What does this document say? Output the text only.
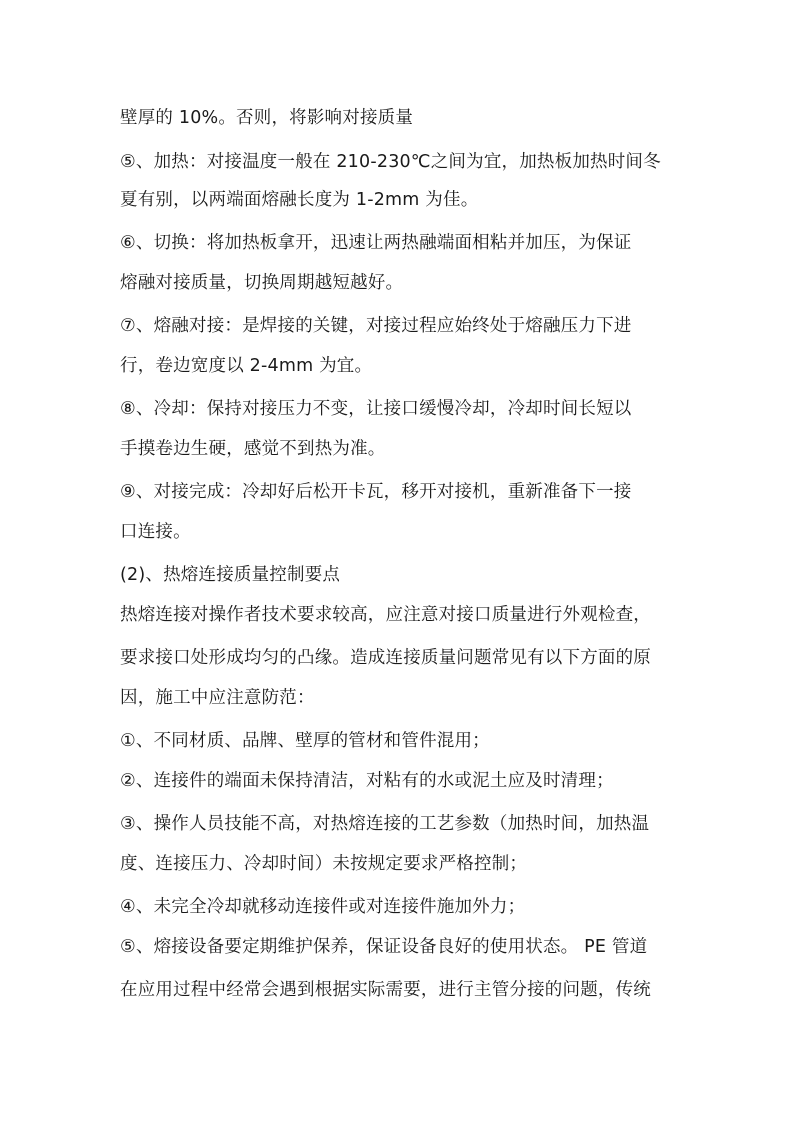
壁厚的 10%。否则，将影响对接质量
⑤、加热：对接温度一般在 210-230℃之间为宜，加热板加热时间冬
夏有别，以两端面熔融长度为 1-2mm 为佳。
⑥、切换：将加热板拿开，迅速让两热融端面相粘并加压，为保证
熔融对接质量，切换周期越短越好。
⑦、熔融对接：是焊接的关键，对接过程应始终处于熔融压力下进
行，卷边宽度以 2-4mm 为宜。
⑧、冷却：保持对接压力不变，让接口缓慢冷却，冷却时间长短以
手摸卷边生硬，感觉不到热为准。
⑨、对接完成：冷却好后松开卡瓦，移开对接机，重新准备下一接
口连接。
(2)、热熔连接质量控制要点
热熔连接对操作者技术要求较高，应注意对接口质量进行外观检查，
要求接口处形成均匀的凸缘。造成连接质量问题常见有以下方面的原
因，施工中应注意防范：
①、不同材质、品牌、壁厚的管材和管件混用；
②、连接件的端面未保持清洁，对粘有的水或泥土应及时清理；
③、操作人员技能不高，对热熔连接的工艺参数（加热时间，加热温
度、连接压力、冷却时间）未按规定要求严格控制；
④、未完全冷却就移动连接件或对连接件施加外力；
⑤、熔接设备要定期维护保养，保证设备良好的使用状态。 PE 管道
在应用过程中经常会遇到根据实际需要，进行主管分接的问题，传统
